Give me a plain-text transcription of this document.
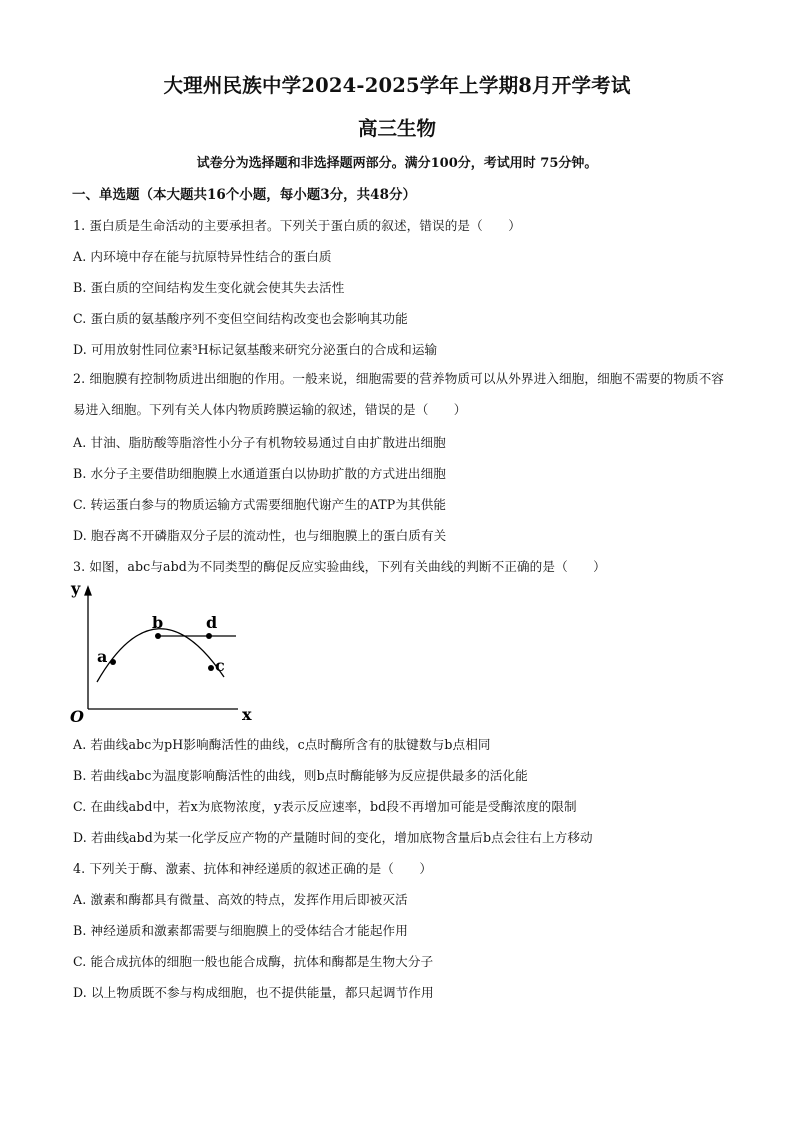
大理州民族中学2024-2025学年上学期8月开学考试
高三生物
试卷分为选择题和非选择题两部分。满分100分，考试用时 75分钟。
一、单选题（本大题共16个小题，每小题3分，共48分）
1. 蛋白质是生命活动的主要承担者。下列关于蛋白质的叙述，错误的是（　　）
A. 内环境中存在能与抗原特异性结合的蛋白质
B. 蛋白质的空间结构发生变化就会使其失去活性
C. 蛋白质的氨基酸序列不变但空间结构改变也会影响其功能
D. 可用放射性同位素³H标记氨基酸来研究分泌蛋白的合成和运输
2. 细胞膜有控制物质进出细胞的作用。一般来说，细胞需要的营养物质可以从外界进入细胞，细胞不需要的物质不容易进入细胞。下列有关人体内物质跨膜运输的叙述，错误的是（　　）
A. 甘油、脂肪酸等脂溶性小分子有机物较易通过自由扩散进出细胞
B. 水分子主要借助细胞膜上水通道蛋白以协助扩散的方式进出细胞
C. 转运蛋白参与的物质运输方式需要细胞代谢产生的ATP为其供能
D. 胞吞离不开磷脂双分子层的流动性，也与细胞膜上的蛋白质有关
3. 如图，abc与abd为不同类型的酶促反应实验曲线，下列有关曲线的判断不正确的是（　　）
y
x
O
a
b
c
d
A. 若曲线abc为pH影响酶活性的曲线，c点时酶所含有的肽键数与b点相同
B. 若曲线abc为温度影响酶活性的曲线，则b点时酶能够为反应提供最多的活化能
C. 在曲线abd中，若x为底物浓度，y表示反应速率，bd段不再增加可能是受酶浓度的限制
D. 若曲线abd为某一化学反应产物的产量随时间的变化，增加底物含量后b点会往右上方移动
4. 下列关于酶、激素、抗体和神经递质的叙述正确的是（　　）
A. 激素和酶都具有微量、高效的特点，发挥作用后即被灭活
B. 神经递质和激素都需要与细胞膜上的受体结合才能起作用
C. 能合成抗体的细胞一般也能合成酶，抗体和酶都是生物大分子
D. 以上物质既不参与构成细胞，也不提供能量，都只起调节作用
